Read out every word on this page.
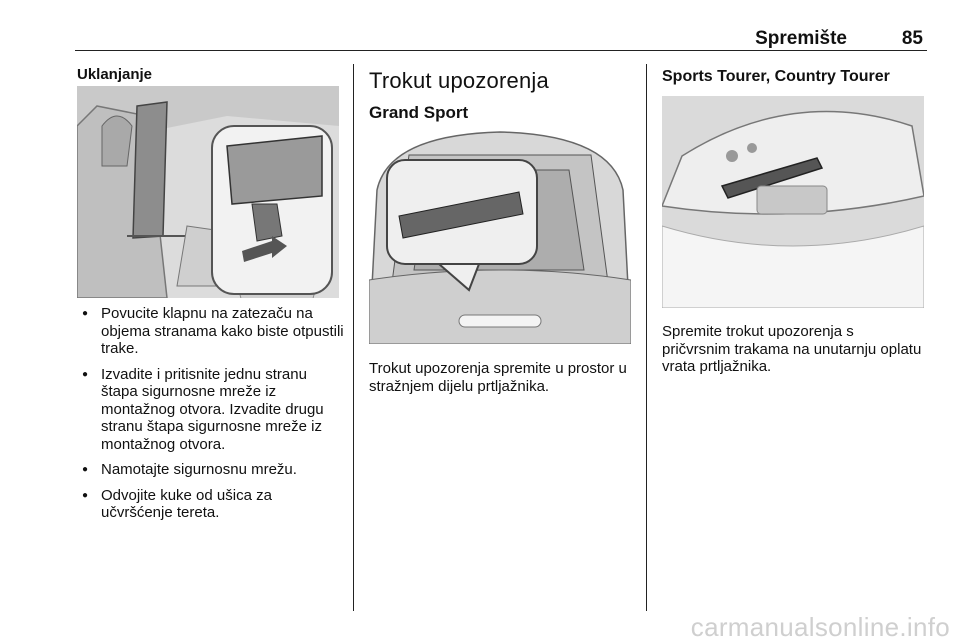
Spremište	85
Uklanjanje
● Povucite klapnu na zatezaču na objema stranama kako biste otpustili trake.
● Izvadite i pritisnite jednu stranu štapa sigurnosne mreže iz montažnog otvora. Izvadite drugu stranu štapa sigurnosne mreže iz montažnog otvora.
● Namotajte sigurnosnu mrežu.
● Odvojite kuke od ušica za učvršćenje tereta.
Trokut upozorenja
Grand Sport
Trokut upozorenja spremite u prostor u stražnjem dijelu prtljažnika.
Sports Tourer, Country Tourer
Spremite trokut upozorenja s pričvrsnim trakama na unutarnju oplatu vrata prtljažnika.
carmanualsonline.info
